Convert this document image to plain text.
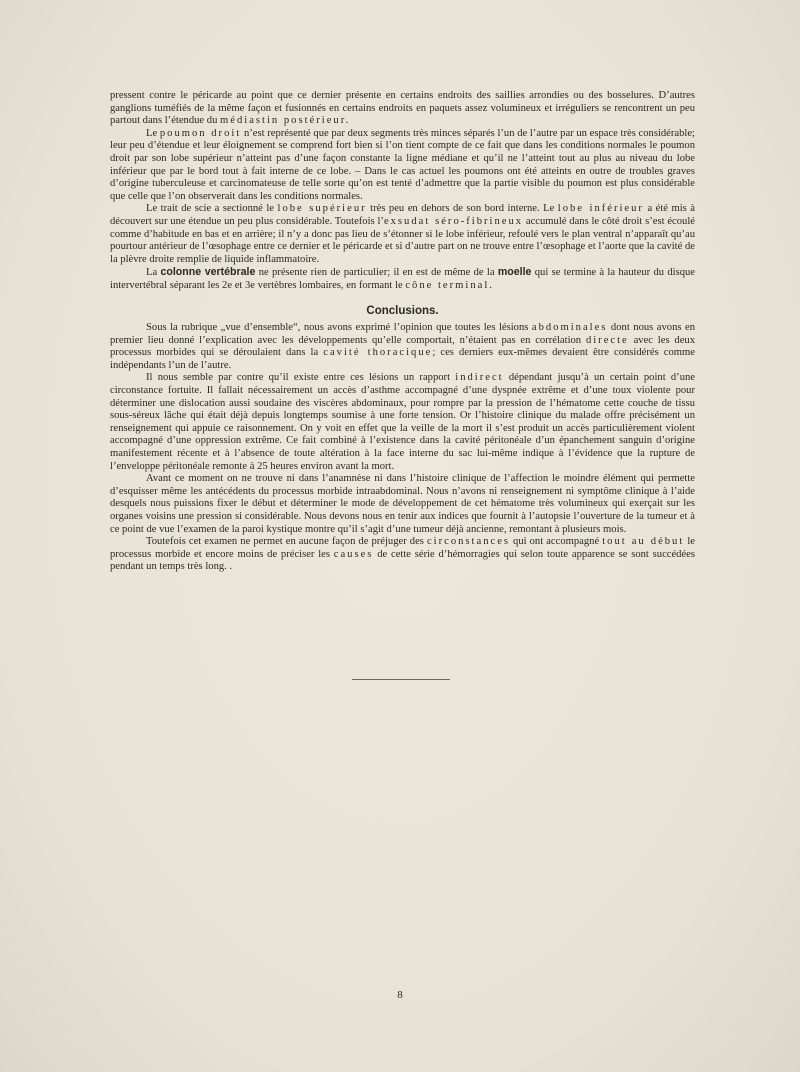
pressent contre le péricarde au point que ce dernier présente en certains endroits des saillies arrondies ou des bosselures. D’autres ganglions tuméfiés de la même façon et fusionnés en certains endroits en paquets assez volumineux et irréguliers se rencontrent un peu partout dans l’étendue du médiastin postérieur.

Le poumon droit n’est représenté que par deux segments très minces séparés l’un de l’autre par un espace très considérable; leur peu d’étendue et leur éloignement se comprend fort bien si l’on tient compte de ce fait que dans les conditions normales le poumon droit par son lobe supérieur n’atteint pas d’une façon constante la ligne médiane et qu’il ne l’atteint tout au plus au niveau du lobe inférieur que par le bord tout à fait interne de ce lobe. – Dans le cas actuel les poumons ont été atteints en outre de troubles graves d’origine tuberculeuse et carcinomateuse de telle sorte qu’on est tenté d’admettre que la partie visible du poumon est plus considérable que celle que l’on observerait dans les conditions normales.

Le trait de scie a sectionné le lobe supérieur très peu en dehors de son bord interne. Le lobe inférieur a été mis à découvert sur une étendue un peu plus considérable. Toutefois l’exsudat séro-fibrineux accumulé dans le côté droit s’est écoulé comme d’habitude en bas et en arrière; il n’y a donc pas lieu de s’étonner si le lobe inférieur, refoulé vers le plan ventral n’apparaît qu’au pourtour antérieur de l’œsophage entre ce dernier et le péricarde et si d’autre part on ne trouve entre l’œsophage et l’aorte que la cavité de la plèvre droite remplie de liquide inflammatoire.

La colonne vertébrale ne présente rien de particulier; il en est de même de la moelle qui se termine à la hauteur du disque intervertébral séparant les 2e et 3e vertèbres lombaires, en formant le cône terminal.

Conclusions.

Sous la rubrique „vue d’ensemble“, nous avons exprimé l’opinion que toutes les lésions abdominales dont nous avons en premier lieu donné l’explication avec les développements qu’elle comportait, n’étaient pas en corrélation directe avec les deux processus morbides qui se déroulaient dans la cavité thoracique; ces derniers eux-mêmes devaient être considérés comme indépendants l’un de l’autre.

Il nous semble par contre qu’il existe entre ces lésions un rapport indirect dépendant jusqu’à un certain point d’une circonstance fortuite. Il fallait nécessairement un accès d’asthme accompagné d’une dyspnée extrême et d’une toux violente pour déterminer une dislocation aussi soudaine des viscères abdominaux, pour rompre par la pression de l’hématome cette couche de tissu sous-séreux lâche qui était déjà depuis longtemps soumise à une forte tension. Or l’histoire clinique du malade offre précisément un renseignement qui appuie ce raisonnement. On y voit en effet que la veille de la mort il s’est produit un accès particulièrement violent accompagné d’une oppression extrême. Ce fait combiné à l’existence dans la cavité péritonéale d’un épanchement sanguin d’origine manifestement récente et à l’absence de toute altération à la face interne du sac lui-même indique à l’évidence que la rupture de l’enveloppe péritonéale remonte à 25 heures environ avant la mort.

Avant ce moment on ne trouve ni dans l’anamnèse ni dans l’histoire clinique de l’affection le moindre élément qui permette d’esquisser même les antécédents du processus morbide intraabdominal. Nous n’avons ni renseignement ni symptôme clinique à l’aide desquels nous puissions fixer le début et déterminer le mode de développement de cet hématome très volumineux qui exerçait sur les organes voisins une pression si considérable. Nous devons nous en tenir aux indices que fournit à l’autopsie l’ouverture de la tumeur et à ce point de vue l’examen de la paroi kystique montre qu’il s’agit d’une tumeur déjà ancienne, remontant à plusieurs mois.

Toutefois cet examen ne permet en aucune façon de préjuger des circonstances qui ont accompagné tout au début le processus morbide et encore moins de préciser les causes de cette série d’hémorragies qui selon toute apparence se sont succédées pendant un temps très long. .

8
